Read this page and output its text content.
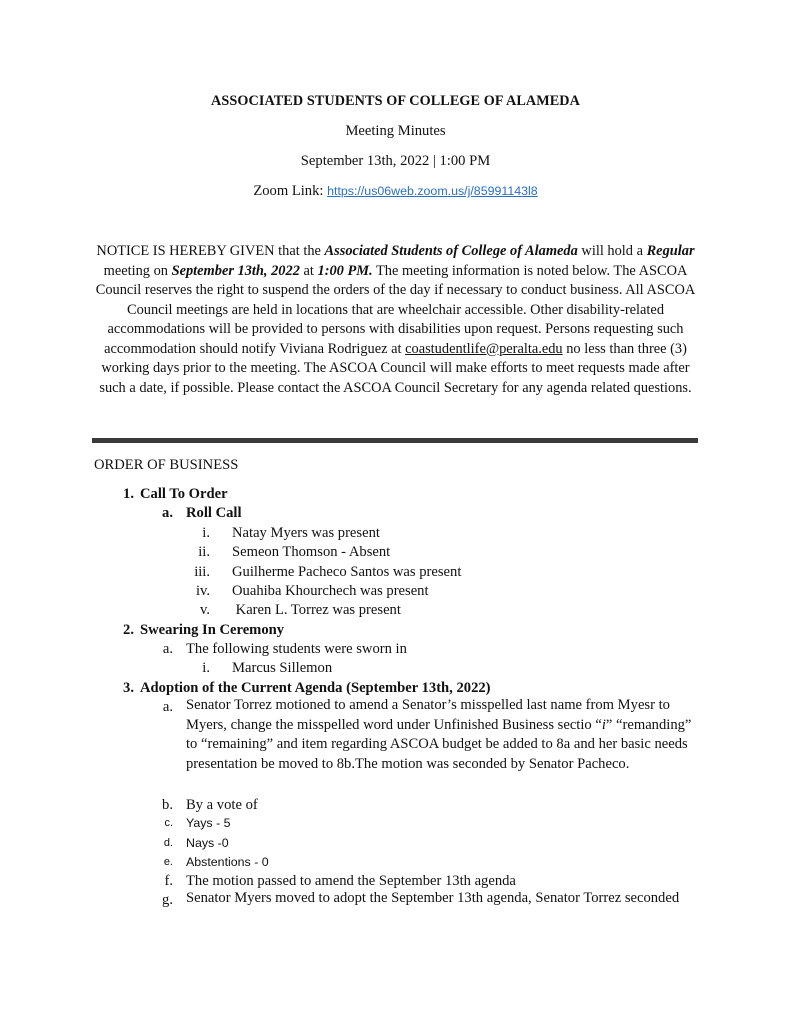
ASSOCIATED STUDENTS OF COLLEGE OF ALAMEDA
Meeting Minutes
September 13th, 2022 | 1:00 PM
Zoom Link: https://us06web.zoom.us/j/85991143l8
NOTICE IS HEREBY GIVEN that the Associated Students of College of Alameda will hold a Regular meeting on September 13th, 2022 at 1:00 PM. The meeting information is noted below. The ASCOA Council reserves the right to suspend the orders of the day if necessary to conduct business. All ASCOA Council meetings are held in locations that are wheelchair accessible. Other disability-related accommodations will be provided to persons with disabilities upon request. Persons requesting such accommodation should notify Viviana Rodriguez at coastudentlife@peralta.edu no less than three (3) working days prior to the meeting. The ASCOA Council will make efforts to meet requests made after such a date, if possible. Please contact the ASCOA Council Secretary for any agenda related questions.
ORDER OF BUSINESS
1. Call To Order
a. Roll Call
i. Natay Myers was present
ii. Semeon Thomson - Absent
iii. Guilherme Pacheco Santos was present
iv. Ouahiba Khourchech was present
v. Karen L. Torrez was present
2. Swearing In Ceremony
a. The following students were sworn in
i. Marcus Sillemon
3. Adoption of the Current Agenda (September 13th, 2022)
a. Senator Torrez motioned to amend a Senator’s misspelled last name from Myesr to Myers, change the misspelled word under Unfinished Business sectio “i” “remanding” to “remaining” and item regarding ASCOA budget be added to 8a and her basic needs presentation be moved to 8b.The motion was seconded by Senator Pacheco.
b. By a vote of
c. Yays - 5
d. Nays -0
e. Abstentions - 0
f. The motion passed to amend the September 13th agenda
g. Senator Myers moved to adopt the September 13th agenda, Senator Torrez seconded
